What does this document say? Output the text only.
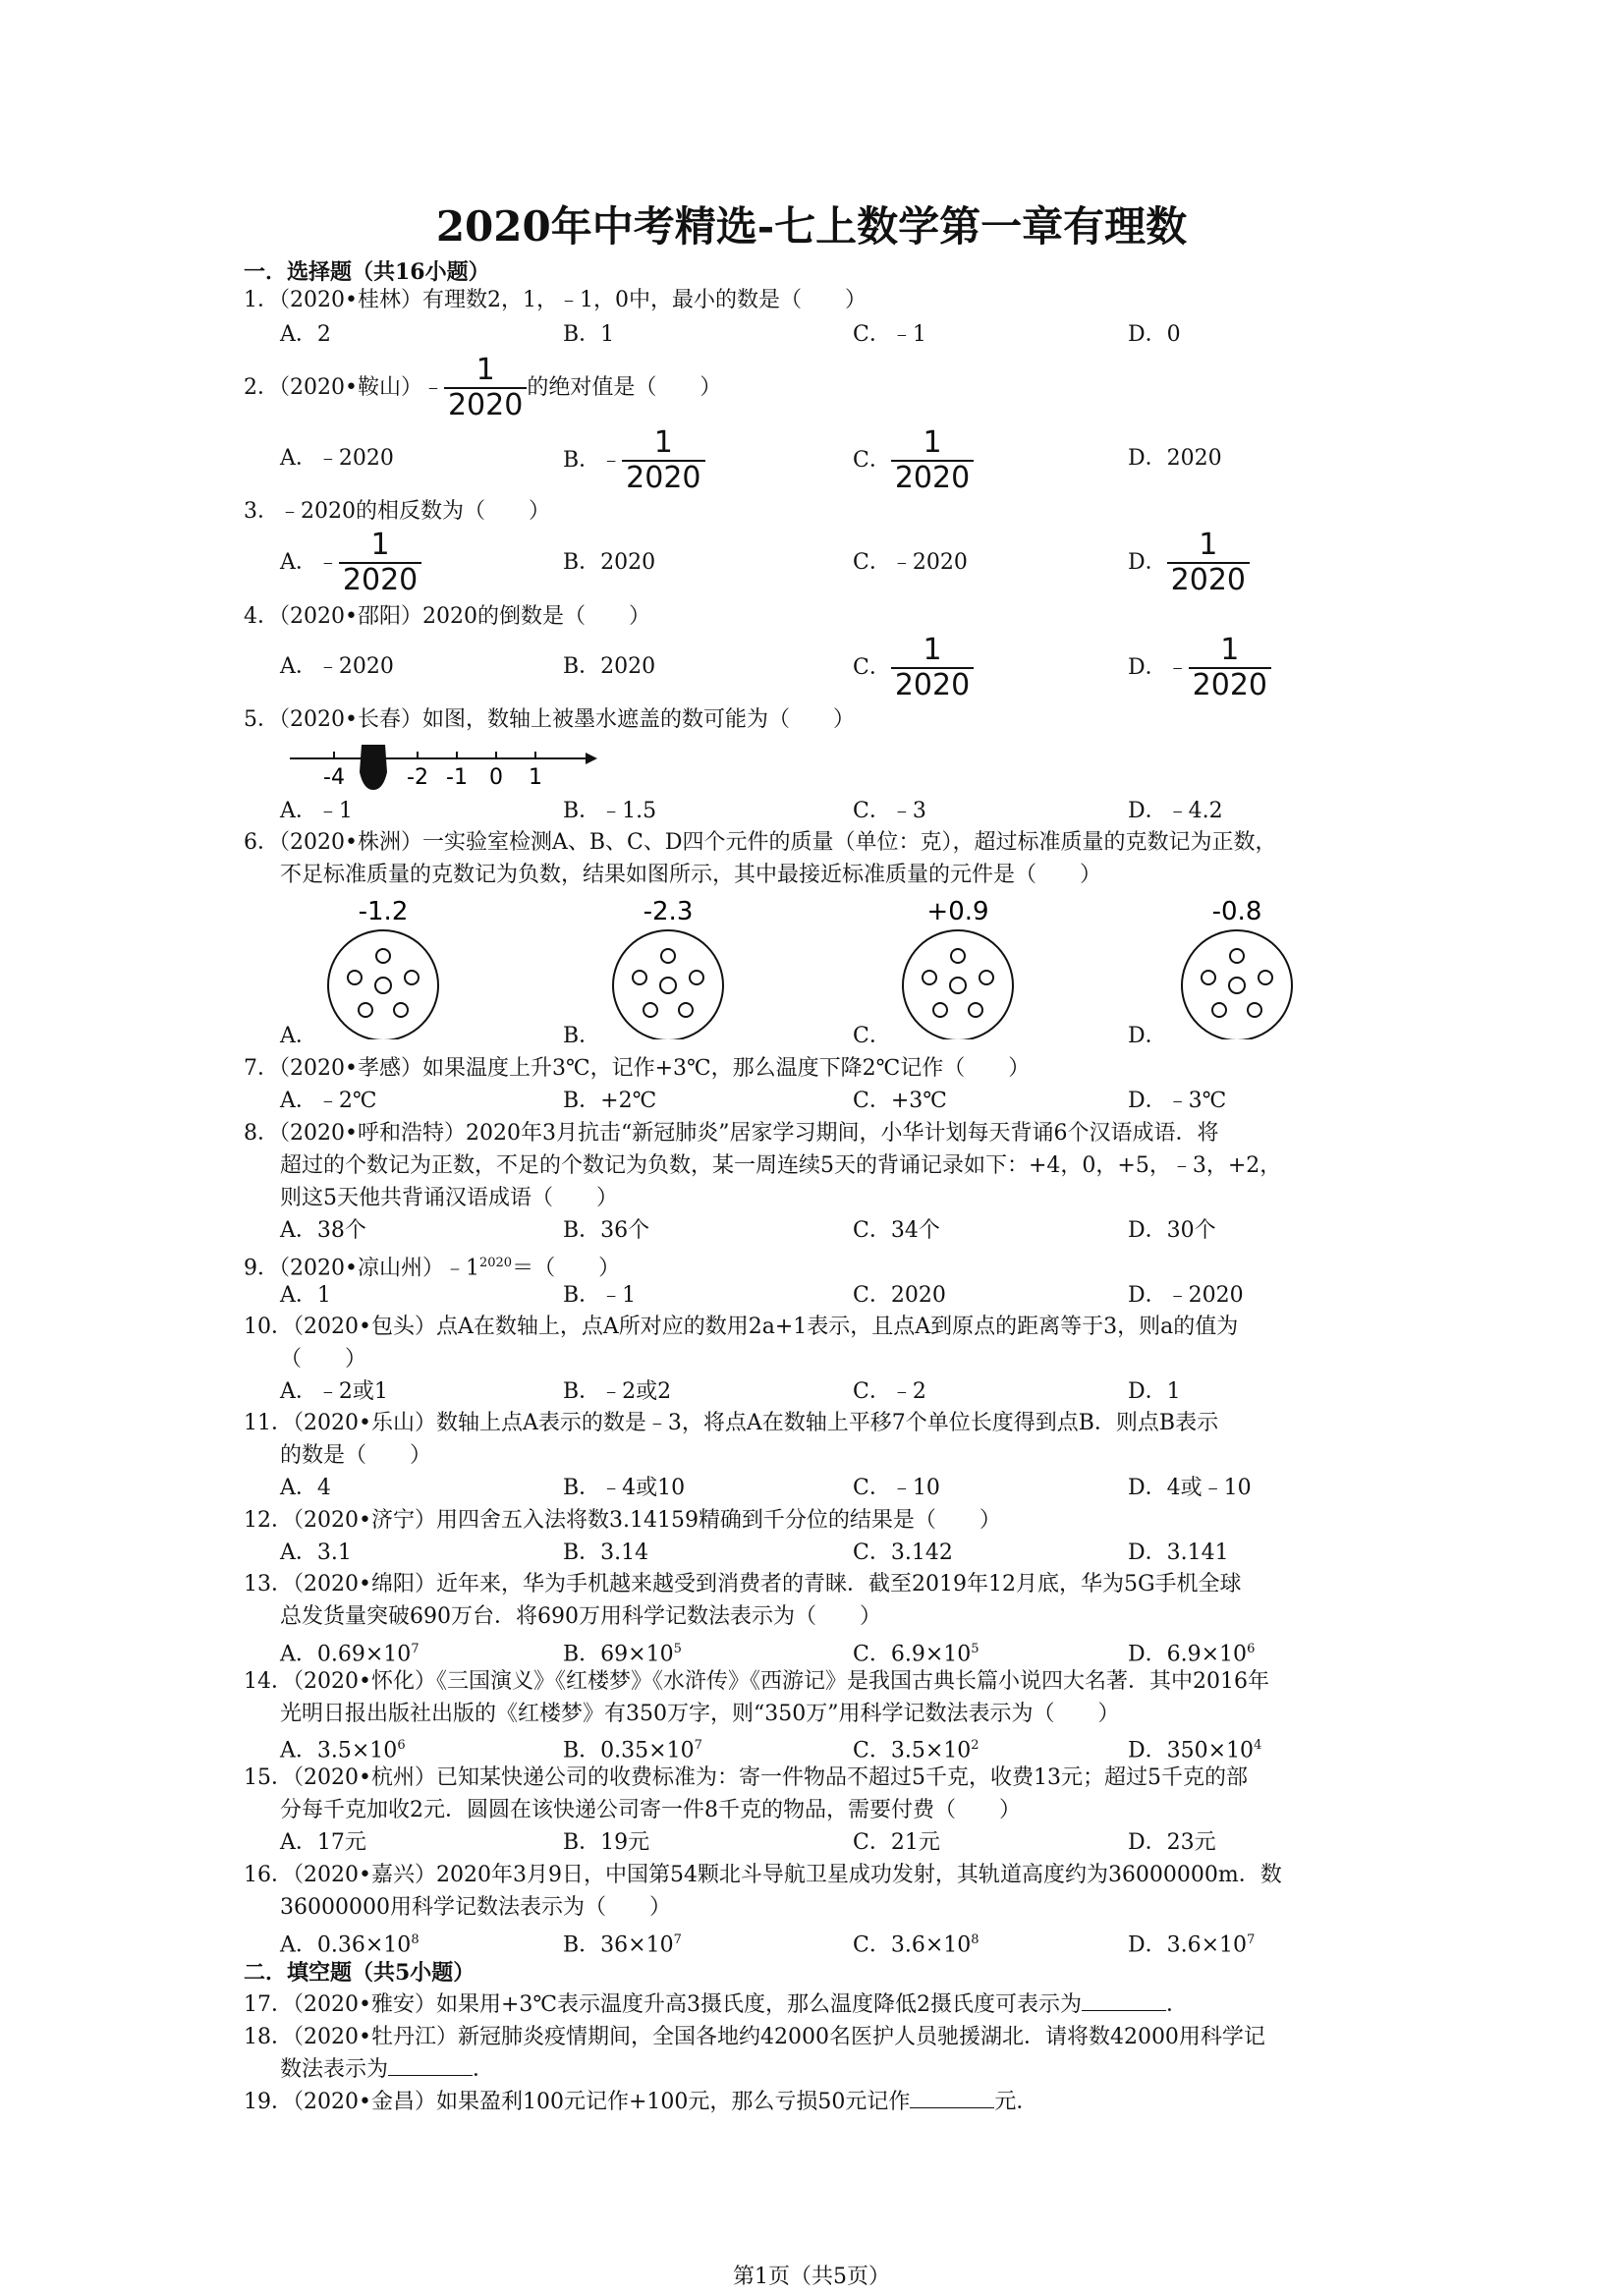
2020年中考精选-七上数学第一章有理数
一．选择题（共16小题）
1．（2020•桂林）有理数2，1，﹣1，0中，最小的数是（　　）
A．2	B．1	C．﹣1	D．0
2．（2020•鞍山）﹣ $\frac{1}{2020}$ 的绝对值是（　　）
A．﹣2020	B．﹣ $\frac{1}{2020}$	C． $\frac{1}{2020}$	D．2020
3．﹣2020的相反数为（　　）
A．﹣ $\frac{1}{2020}$	B．2020	C．﹣2020	D． $\frac{1}{2020}$
4．（2020•邵阳）2020的倒数是（　　）
A．﹣2020	B．2020	C． $\frac{1}{2020}$	D．﹣ $\frac{1}{2020}$
5．（2020•长春）如图，数轴上被墨水遮盖的数可能为（　　）
-4	-2 -1 0 1
A．﹣1	B．﹣1.5	C．﹣3	D．﹣4.2
6．（2020•株洲）一实验室检测A、B、C、D四个元件的质量（单位：克），超过标准质量的克数记为正数，
不足标准质量的克数记为负数，结果如图所示，其中最接近标准质量的元件是（　　）
-1.2	-2.3	+0.9	-0.8
A．	B．	C．	D．
7．（2020•孝感）如果温度上升3℃，记作+3℃，那么温度下降2℃记作（　　）
A．﹣2℃	B．+2℃	C．+3℃	D．﹣3℃
8．（2020•呼和浩特）2020年3月抗击“新冠肺炎”居家学习期间，小华计划每天背诵6个汉语成语．将
超过的个数记为正数，不足的个数记为负数，某一周连续5天的背诵记录如下：+4，0，+5，﹣3，+2，
则这5天他共背诵汉语成语（　　）
A．38个	B．36个	C．34个	D．30个
9．（2020•凉山州）$﹣1^{2020}=$（　　）
A．1	B．﹣1	C．2020	D．﹣2020
10．（2020•包头）点A在数轴上，点A所对应的数用2a+1表示，且点A到原点的距离等于3，则a的值为
（　　）
A．﹣2或1	B．﹣2或2	C．﹣2	D．1
11．（2020•乐山）数轴上点A表示的数是﹣3，将点A在数轴上平移7个单位长度得到点B．则点B表示
的数是（　　）
A．4	B．﹣4或10	C．﹣10	D．4或﹣10
12．（2020•济宁）用四舍五入法将数3.14159精确到千分位的结果是（　　）
A．3.1	B．3.14	C．3.142	D．3.141
13．（2020•绵阳）近年来，华为手机越来越受到消费者的青睐．截至2019年12月底，华为5G手机全球
总发货量突破690万台．将690万用科学记数法表示为（　　）
A．$0.69\times 10^7$	B．$69\times 10^5$	C．$6.9\times 10^5$	D．$6.9\times 10^6$
14．（2020•怀化）《三国演义》《红楼梦》《水浒传》《西游记》是我国古典长篇小说四大名著．其中2016年
光明日报出版社出版的《红楼梦》有350万字，则“350万”用科学记数法表示为（　　）
A．$3.5\times 10^6$	B．$0.35\times 10^7$	C．$3.5\times 10^2$	D．$350\times 10^4$
15．（2020•杭州）已知某快递公司的收费标准为：寄一件物品不超过5千克，收费13元；超过5千克的部
分每千克加收2元．圆圆在该快递公司寄一件8千克的物品，需要付费（　　）
A．17元	B．19元	C．21元	D．23元
16．（2020•嘉兴）2020年3月9日，中国第54颗北斗导航卫星成功发射，其轨道高度约为36000000m．数
36000000用科学记数法表示为（　　）
A．$0.36\times 10^8$	B．$36\times 10^7$	C．$3.6\times 10^8$	D．$3.6\times 10^7$
二．填空题（共5小题）
17．（2020•雅安）如果用+3℃表示温度升高3摄氏度，那么温度降低2摄氏度可表示为	．
18．（2020•牡丹江）新冠肺炎疫情期间，全国各地约42000名医护人员驰援湖北．请将数42000用科学记
数法表示为	．
19．（2020•金昌）如果盈利100元记作+100元，那么亏损50元记作	元．
第1页（共5页）
